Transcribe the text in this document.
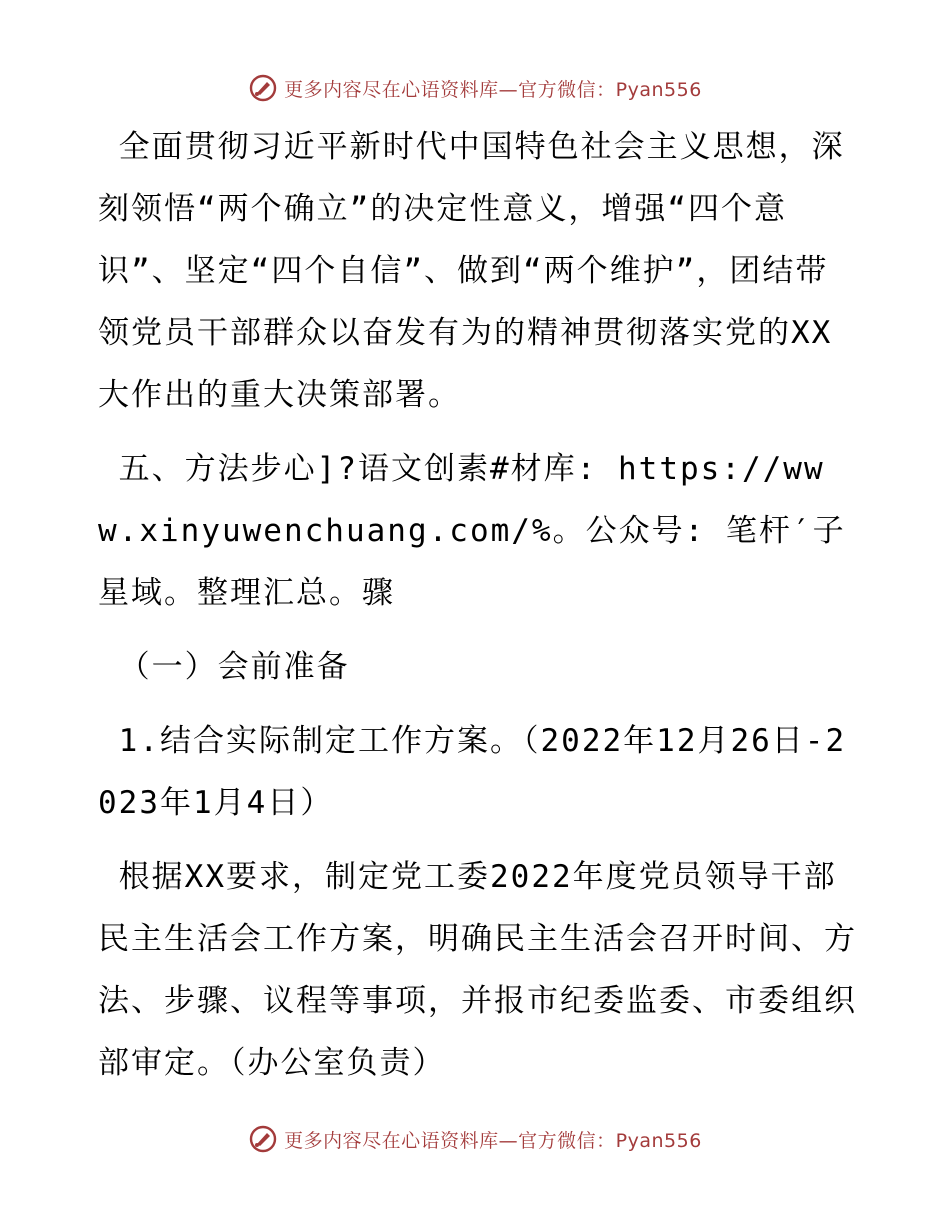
更多内容尽在心语资料库—官方微信：Pyan556

全面贯彻习近平新时代中国特色社会主义思想，深刻领悟“两个确立”的决定性意义，增强“四个意识”、坚定“四个自信”、做到“两个维护”，团结带领党员干部群众以奋发有为的精神贯彻落实党的XX大作出的重大决策部署。

五、方法步心]?语文创素#材库: https://www.xinyuwenchuang.com/%。公众号: 笔杆′子星域。整理汇总。骤

（一）会前准备

1.结合实际制定工作方案。（2022年12月26日-2023年1月4日）

根据XX要求，制定党工委2022年度党员领导干部民主生活会工作方案，明确民主生活会召开时间、方法、步骤、议程等事项，并报市纪委监委、市委组织部审定。（办公室负责）

更多内容尽在心语资料库—官方微信：Pyan556
